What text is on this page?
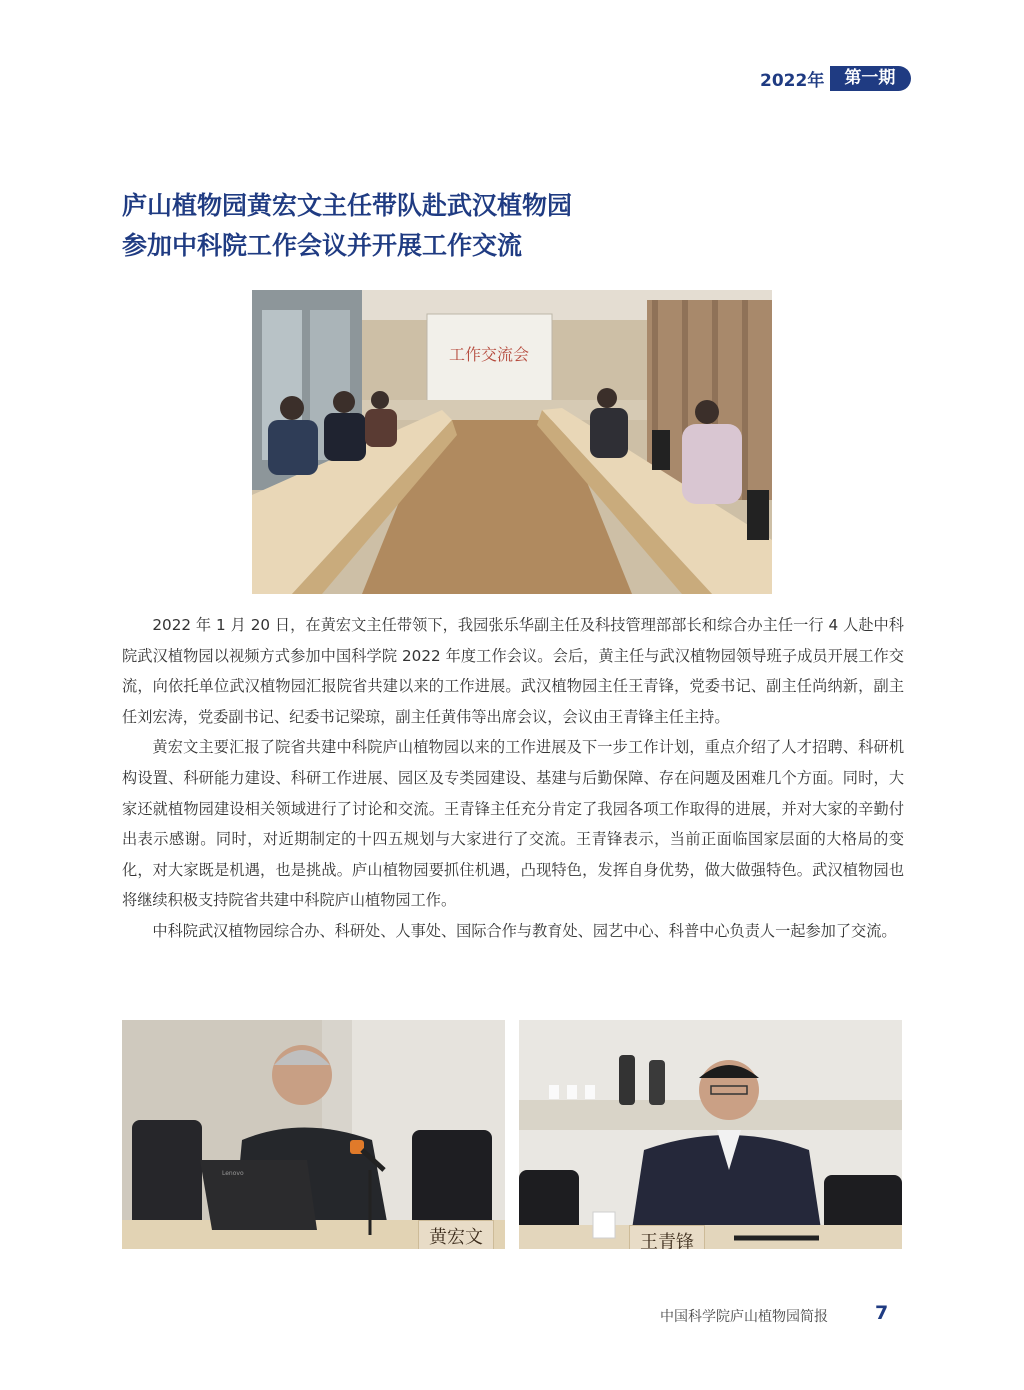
2022年	第一期
庐山植物园黄宏文主任带队赴武汉植物园
参加中科院工作会议并开展工作交流
工作交流会

2022 年 1 月 20 日，在黄宏文主任带领下，我园张乐华副主任及科技管理部部长和综合办主任一行 4 人赴中科院武汉植物园以视频方式参加中国科学院 2022 年度工作会议。会后，黄主任与武汉植物园领导班子成员开展工作交流，向依托单位武汉植物园汇报院省共建以来的工作进展。武汉植物园主任王青锋，党委书记、副主任尚纳新，副主任刘宏涛，党委副书记、纪委书记梁琼，副主任黄伟等出席会议，会议由王青锋主任主持。

黄宏文主要汇报了院省共建中科院庐山植物园以来的工作进展及下一步工作计划，重点介绍了人才招聘、科研机构设置、科研能力建设、科研工作进展、园区及专类园建设、基建与后勤保障、存在问题及困难几个方面。同时，大家还就植物园建设相关领域进行了讨论和交流。王青锋主任充分肯定了我园各项工作取得的进展，并对大家的辛勤付出表示感谢。同时，对近期制定的十四五规划与大家进行了交流。王青锋表示，当前正面临国家层面的大格局的变化，对大家既是机遇，也是挑战。庐山植物园要抓住机遇，凸现特色，发挥自身优势，做大做强特色。武汉植物园也将继续积极支持院省共建中科院庐山植物园工作。

中科院武汉植物园综合办、科研处、人事处、国际合作与教育处、园艺中心、科普中心负责人一起参加了交流。

Lenovo
黄宏文	王青锋
中国科学院庐山植物园简报 7
